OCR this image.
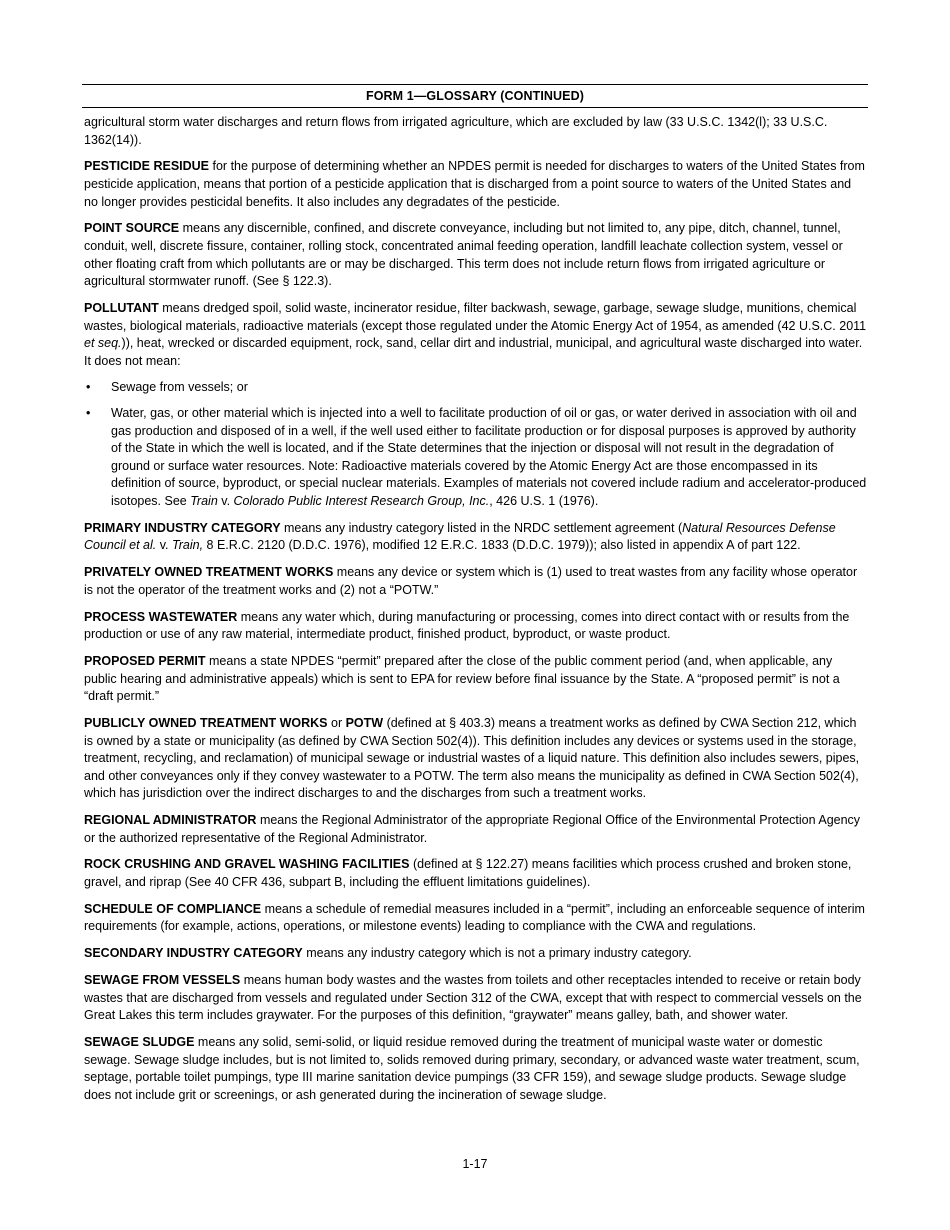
FORM 1—GLOSSARY (CONTINUED)

agricultural storm water discharges and return flows from irrigated agriculture, which are excluded by law (33 U.S.C. 1342(l); 33 U.S.C. 1362(14)).

PESTICIDE RESIDUE for the purpose of determining whether an NPDES permit is needed for discharges to waters of the United States from pesticide application, means that portion of a pesticide application that is discharged from a point source to waters of the United States and no longer provides pesticidal benefits. It also includes any degradates of the pesticide.

POINT SOURCE means any discernible, confined, and discrete conveyance, including but not limited to, any pipe, ditch, channel, tunnel, conduit, well, discrete fissure, container, rolling stock, concentrated animal feeding operation, landfill leachate collection system, vessel or other floating craft from which pollutants are or may be discharged. This term does not include return flows from irrigated agriculture or agricultural stormwater runoff. (See § 122.3).

POLLUTANT means dredged spoil, solid waste, incinerator residue, filter backwash, sewage, garbage, sewage sludge, munitions, chemical wastes, biological materials, radioactive materials (except those regulated under the Atomic Energy Act of 1954, as amended (42 U.S.C. 2011 et seq.)), heat, wrecked or discarded equipment, rock, sand, cellar dirt and industrial, municipal, and agricultural waste discharged into water. It does not mean:

• Sewage from vessels; or
• Water, gas, or other material which is injected into a well to facilitate production of oil or gas, or water derived in association with oil and gas production and disposed of in a well, if the well used either to facilitate production or for disposal purposes is approved by authority of the State in which the well is located, and if the State determines that the injection or disposal will not result in the degradation of ground or surface water resources. Note: Radioactive materials covered by the Atomic Energy Act are those encompassed in its definition of source, byproduct, or special nuclear materials. Examples of materials not covered include radium and accelerator-produced isotopes. See Train v. Colorado Public Interest Research Group, Inc., 426 U.S. 1 (1976).

PRIMARY INDUSTRY CATEGORY means any industry category listed in the NRDC settlement agreement (Natural Resources Defense Council et al. v. Train, 8 E.R.C. 2120 (D.D.C. 1976), modified 12 E.R.C. 1833 (D.D.C. 1979)); also listed in appendix A of part 122.

PRIVATELY OWNED TREATMENT WORKS means any device or system which is (1) used to treat wastes from any facility whose operator is not the operator of the treatment works and (2) not a “POTW.”

PROCESS WASTEWATER means any water which, during manufacturing or processing, comes into direct contact with or results from the production or use of any raw material, intermediate product, finished product, byproduct, or waste product.

PROPOSED PERMIT means a state NPDES “permit” prepared after the close of the public comment period (and, when applicable, any public hearing and administrative appeals) which is sent to EPA for review before final issuance by the State. A “proposed permit” is not a “draft permit.”

PUBLICLY OWNED TREATMENT WORKS or POTW (defined at § 403.3) means a treatment works as defined by CWA Section 212, which is owned by a state or municipality (as defined by CWA Section 502(4)). This definition includes any devices or systems used in the storage, treatment, recycling, and reclamation) of municipal sewage or industrial wastes of a liquid nature. This definition also includes sewers, pipes, and other conveyances only if they convey wastewater to a POTW. The term also means the municipality as defined in CWA Section 502(4), which has jurisdiction over the indirect discharges to and the discharges from such a treatment works.

REGIONAL ADMINISTRATOR means the Regional Administrator of the appropriate Regional Office of the Environmental Protection Agency or the authorized representative of the Regional Administrator.

ROCK CRUSHING AND GRAVEL WASHING FACILITIES (defined at § 122.27) means facilities which process crushed and broken stone, gravel, and riprap (See 40 CFR 436, subpart B, including the effluent limitations guidelines).

SCHEDULE OF COMPLIANCE means a schedule of remedial measures included in a “permit”, including an enforceable sequence of interim requirements (for example, actions, operations, or milestone events) leading to compliance with the CWA and regulations.

SECONDARY INDUSTRY CATEGORY means any industry category which is not a primary industry category.

SEWAGE FROM VESSELS means human body wastes and the wastes from toilets and other receptacles intended to receive or retain body wastes that are discharged from vessels and regulated under Section 312 of the CWA, except that with respect to commercial vessels on the Great Lakes this term includes graywater. For the purposes of this definition, “graywater” means galley, bath, and shower water.

SEWAGE SLUDGE means any solid, semi-solid, or liquid residue removed during the treatment of municipal waste water or domestic sewage. Sewage sludge includes, but is not limited to, solids removed during primary, secondary, or advanced waste water treatment, scum, septage, portable toilet pumpings, type III marine sanitation device pumpings (33 CFR 159), and sewage sludge products. Sewage sludge does not include grit or screenings, or ash generated during the incineration of sewage sludge.

1-17
